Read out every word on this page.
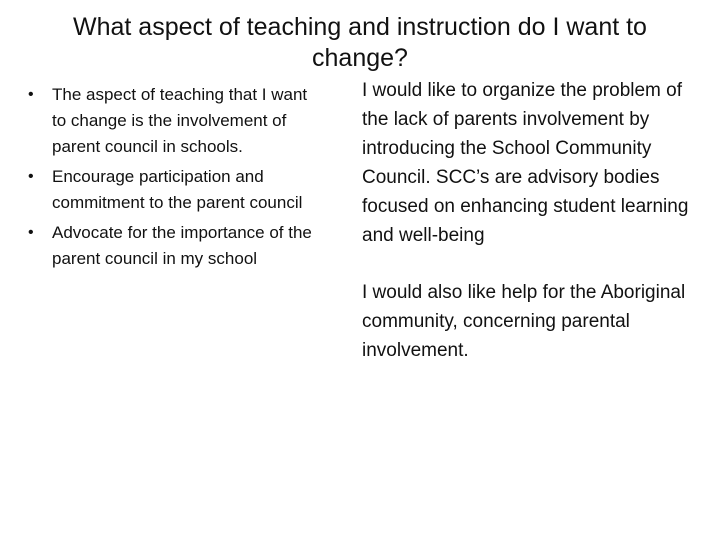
What aspect of teaching and instruction do I want to change?
• The aspect of teaching that I want to change is the involvement of parent council in schools.
• Encourage participation and commitment to the parent council
• Advocate for the importance of the parent council in my school

I would like to organize the problem of the lack of parents involvement by introducing the School Community Council. SCC’s are advisory bodies focused on enhancing student learning and well-being

I would also like help for the Aboriginal community, concerning parental involvement.
